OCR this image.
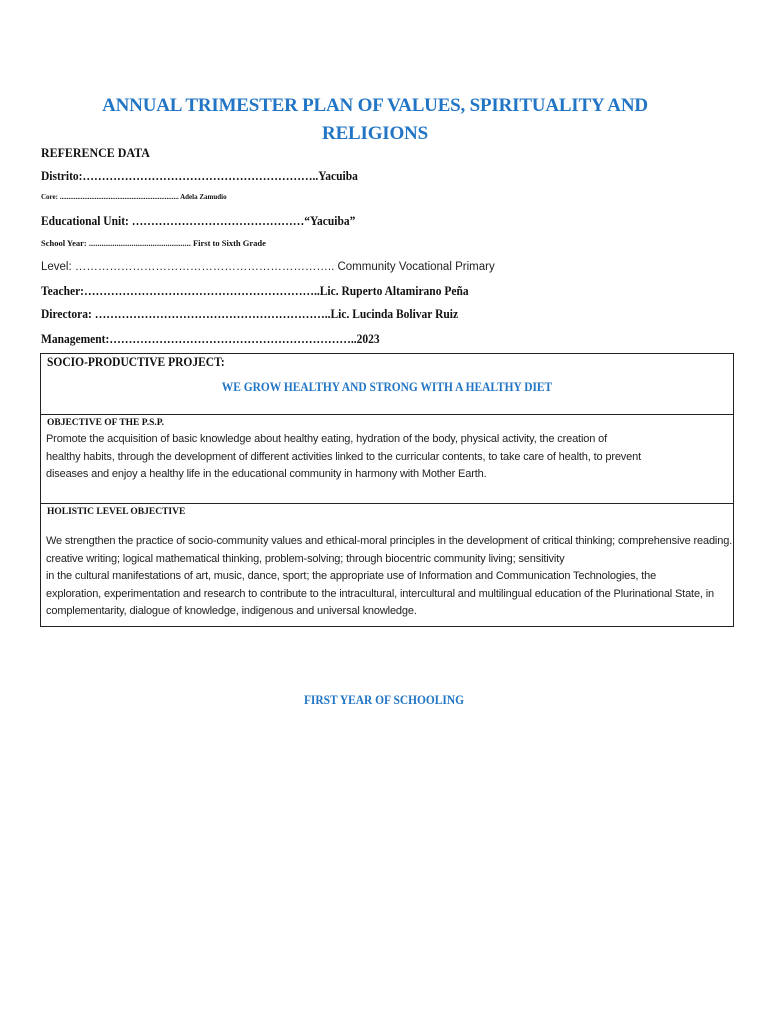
ANNUAL TRIMESTER PLAN OF VALUES, SPIRITUALITY AND
RELIGIONS
REFERENCE DATA
Distrito:……………………………………………………..Yacuiba
Core: .................................................................... Adela Zamudio
Educational Unit: ………………………………………“Yacuiba”
School Year: ................................................ First to Sixth Grade
Level: ………………………………………………………….. Community Vocational Primary
Teacher:……………………………………………………..Lic. Ruperto Altamirano Peña
Directora: ……………………………………………………..Lic. Lucinda Bolivar Ruiz
Management:………………………………………………………..2023
SOCIO-PRODUCTIVE PROJECT:
WE GROW HEALTHY AND STRONG WITH A HEALTHY DIET
OBJECTIVE OF THE P.S.P.
Promote the acquisition of basic knowledge about healthy eating, hydration of the body, physical activity, the creation of
healthy habits, through the development of different activities linked to the curricular contents, to take care of health, to prevent
diseases and enjoy a healthy life in the educational community in harmony with Mother Earth.
HOLISTIC LEVEL OBJECTIVE
We strengthen the practice of socio-community values and ethical-moral principles in the development of critical thinking; comprehensive reading.
creative writing; logical mathematical thinking, problem-solving; through biocentric community living; sensitivity
in the cultural manifestations of art, music, dance, sport; the appropriate use of Information and Communication Technologies, the
exploration, experimentation and research to contribute to the intracultural, intercultural and multilingual education of the Plurinational State, in
complementarity, dialogue of knowledge, indigenous and universal knowledge.
FIRST YEAR OF SCHOOLING
